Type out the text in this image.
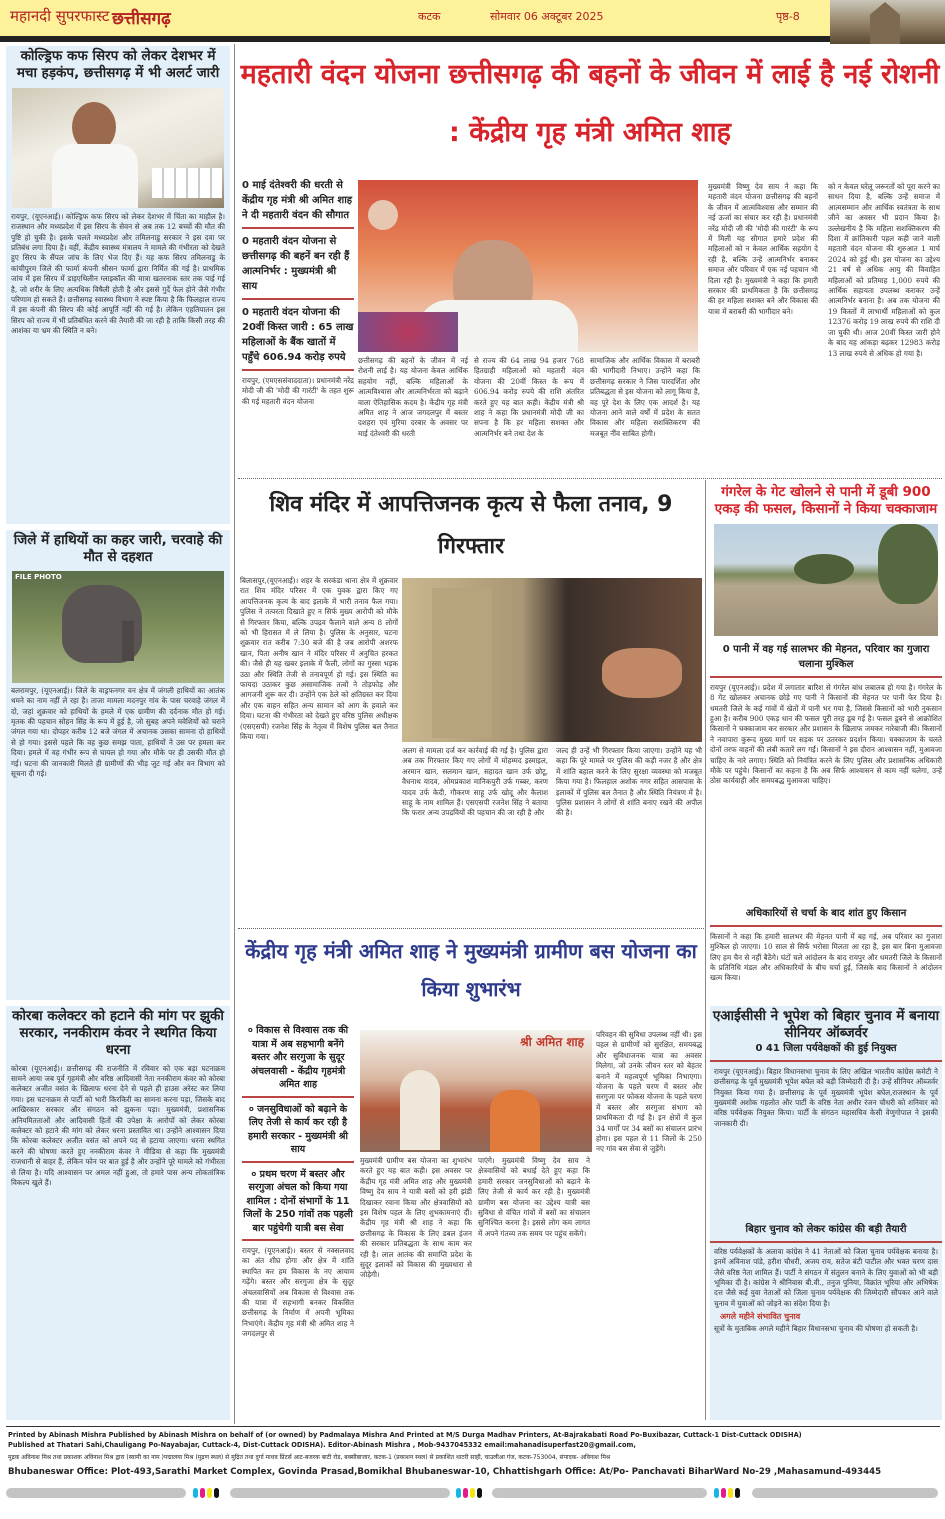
महानदी सुपरफास्ट छत्तीसगढ़	कटक	सोमवार 06 अक्टूबर 2025	पृष्ठ-8
कोल्ड्रिफ कफ सिरप को लेकर देशभर में मचा हड़कंप, छत्तीसगढ़ में भी अलर्ट जारी
रायपुर, (यूएनआई)। कोल्ड्रिफ कफ सिरप को लेकर देशभर में चिंता का माहौल है। राजस्थान और मध्यप्रदेश में इस सिरप के सेवन से अब तक 12 बच्चों की मौत की पुष्टि हो चुकी है। इसके चलते मध्यप्रदेश और तमिलनाडु सरकार ने इस दवा पर प्रतिबंध लगा दिया है। वहीं, केंद्रीय स्वास्थ्य मंत्रालय ने मामले की गंभीरता को देखते हुए सिरप के सैंपल जांच के लिए भेज दिए हैं। यह कफ सिरप तमिलनाडु के कांचीपुरम जिले की फार्मा कंपनी श्रीसन फार्मा द्वारा निर्मित की गई है। प्राथमिक जांच में इस सिरप में डाइएथिलीन ग्लाइकॉल की मात्रा खतरनाक स्तर तक पाई गई है, जो शरीर के लिए अत्यधिक विषैली होती है और इससे गुर्दे फेल होने जैसे गंभीर परिणाम हो सकते हैं। छत्तीसगढ़ स्वास्थ्य विभाग ने स्पष्ट किया है कि फिलहाल राज्य में इस कंपनी की सिरप की कोई आपूर्ति नहीं की गई है। लेकिन एहतियातन इस सिरप को राज्य में भी प्रतिबंधित करने की तैयारी की जा रही है ताकि किसी तरह की आशंका या भ्रम की स्थिति न बने।
जिले में हाथियों का कहर जारी, चरवाहे की मौत से दहशत
FILE PHOTO
बलरामपुर, (यूएनआई)। जिले के वाड्रफनगर वन क्षेत्र में जंगली हाथियों का आतंक थमने का नाम नहीं ले रहा है। ताजा मामला मदनपुर गांव के पास चरवाहे जंगल में दो, जहां शुक्रवार को हाथियों के हमले में एक ग्रामीण की दर्दनाक मौत हो गई। मृतक की पहचान सोहन सिंह के रूप में हुई है, जो सुबह अपने मवेशियों को चराने जंगल गया था। दोपहर करीब 12 बजे जंगल में अचानक उसका सामना दो हाथियों से हो गया। इससे पहले कि वह कुछ समझ पाता, हाथियों ने उस पर हमला कर दिया। हमले में वह गंभीर रूप से घायल हो गया और मौके पर ही उसकी मौत हो गई। घटना की जानकारी मिलते ही ग्रामीणों की भीड़ जुट गई और वन विभाग को सूचना दी गई।
कोरबा कलेक्टर को हटाने की मांग पर झुकी सरकार, ननकीराम कंवर ने स्थगित किया धरना
कोरबा (यूएनआई)। छत्तीसगढ़ की राजनीति में रविवार को एक बड़ा घटनाक्रम सामने आया जब पूर्व गृहमंत्री और वरिष्ठ आदिवासी नेता ननकीराम कंवर को कोरबा कलेक्टर अजीत वसंत के खिलाफ धरना देने से पहले ही हाउस अरेस्ट कर लिया गया। इस घटनाक्रम से पार्टी को भारी किरकिरी का सामना करना पड़ा, जिसके बाद आखिरकार सरकार और संगठन को झुकना पड़ा। मुख्यमंत्री, प्रशासनिक अनियमितताओं और आदिवासी हितों की उपेक्षा के आरोपों को लेकर कोरबा कलेक्टर को हटाने की मांग को लेकर धरना प्रस्तावित था। उन्होंने आश्वासन दिया कि कोरबा कलेक्टर अजीत वसंत को अपने पद से हटाया जाएगा। धरना स्थगित करने की घोषणा करते हुए ननकीराम कंवर ने मीडिया से कहा कि मुख्यमंत्री राजधानी से बाहर हैं, लेकिन फोन पर बात हुई है और उन्होंने पूरे मामले को गंभीरता से लिया है। यदि आश्वासन पर अमल नहीं हुआ, तो हमारे पास अन्य लोकतांत्रिक विकल्प खुले हैं।
महतारी वंदन योजना छत्तीसगढ़ की बहनों के जीवन में लाई है नई रोशनी : केंद्रीय गृह मंत्री अमित शाह
0 माई दंतेश्वरी की धरती से केंद्रीय गृह मंत्री श्री अमित शाह ने दी महतारी वंदन की सौगात
0 महतारी वंदन योजना से छत्तीसगढ़ की बहनें बन रही हैं आत्मनिर्भर : मुख्यमंत्री श्री साय
0 महतारी वंदन योजना की 20वीं किस्त जारी : 65 लाख महिलाओं के बैंक खातों में पहुँचे 606.94 करोड़ रुपये
रायपुर, (एमएससंवाददाता)। प्रधानमंत्री नरेंद्र मोदी जी की 'मोदी की गारंटी' के तहत शुरू की गई महतारी वंदन योजना
छत्तीसगढ़ की बहनों के जीवन में नई रोशनी लाई है। यह योजना केवल आर्थिक सहयोग नहीं, बल्कि महिलाओं के आत्मविश्वास और आत्मनिर्भरता को बढ़ाने वाला ऐतिहासिक कदम है। केंद्रीय गृह मंत्री अमित शाह ने आज जगदलपुर में बस्तर दशहरा एवं मुरिया दरबार के अवसर पर माई दंतेश्वरी की धरती
से राज्य की 64 लाख 94 हजार 768 हितग्राही महिलाओं को महतारी वंदन योजना की 20वीं किस्त के रूप में 606.94 करोड़ रुपये की राशि अंतरित करते हुए यह बात कही। केंद्रीय मंत्री श्री शाह ने कहा कि प्रधानमंत्री मोदी जी का सपना है कि हर महिला सशक्त और आत्मनिर्भर बने तथा देश के
सामाजिक और आर्थिक विकास में बराबरी की भागीदारी निभाए। उन्होंने कहा कि छत्तीसगढ़ सरकार ने जिस पारदर्शिता और प्रतिबद्धता से इस योजना को लागू किया है, वह पूरे देश के लिए एक आदर्श है। यह योजना आने वाले वर्षों में प्रदेश के सतत विकास और महिला सशक्तिकरण की मजबूत नींव साबित होगी।
मुख्यमंत्री विष्णु देव साय ने कहा कि महतारी वंदन योजना छत्तीसगढ़ की बहनों के जीवन में आत्मविश्वास और सम्मान की नई ऊर्जा का संचार कर रही है। प्रधानमंत्री नरेंद्र मोदी जी की 'मोदी की गारंटी' के रूप में मिली यह सौगात हमारे प्रदेश की महिलाओं को न केवल आर्थिक सहयोग दे रही है, बल्कि उन्हें आत्मनिर्भर बनाकर समाज और परिवार में एक नई पहचान भी दिला रही है। मुख्यमंत्री ने कहा कि हमारी सरकार की प्राथमिकता है कि छत्तीसगढ़ की हर महिला सशक्त बने और विकास की यात्रा में बराबरी की भागीदार बने।
को न केवल घरेलू जरूरतों को पूरा करने का साधन दिया है, बल्कि उन्हें समाज में आत्मसम्मान और आर्थिक स्वतंत्रता के साथ जीने का अवसर भी प्रदान किया है। उल्लेखनीय है कि महिला सशक्तिकरण की दिशा में क्रांतिकारी पहल कही जाने वाली महतारी वंदन योजना की शुरुआत 1 मार्च 2024 को हुई थी। इस योजना का उद्देश्य 21 वर्ष से अधिक आयु की विवाहित महिलाओं को प्रतिमाह 1,000 रुपये की आर्थिक सहायता उपलब्ध कराकर उन्हें आत्मनिर्भर बनाना है। अब तक योजना की 19 किस्तों में लाभार्थी महिलाओं को कुल 12376 करोड़ 19 लाख रुपये की राशि दी जा चुकी थी। आज 20वीं किस्त जारी होने के बाद यह आंकड़ा बढ़कर 12983 करोड़ 13 लाख रुपये से अधिक हो गया है।
शिव मंदिर में आपत्तिजनक कृत्य से फैला तनाव, 9 गिरफ्तार
बिलासपुर,(यूएनआई)। शहर के सरकंडा थाना क्षेत्र में शुक्रवार रात शिव मंदिर परिसर में एक युवक द्वारा किए गए आपत्तिजनक कृत्य के बाद इलाके में भारी तनाव फैल गया। पुलिस ने तत्परता दिखाते हुए न सिर्फ मुख्य आरोपी को मौके से गिरफ्तार किया, बल्कि उपद्रव फैलाने वाले अन्य 8 लोगों को भी हिरासत में ले लिया है। पुलिस के अनुसार, घटना शुक्रवार रात करीब 7:30 बजे की है जब आरोपी अशरफ खान, पिता अनीष खान ने मंदिर परिसर में अनुचित हरकत की। जैसे ही यह खबर इलाके में फैली, लोगों का गुस्सा भड़क उठा और स्थिति तेजी से तनावपूर्ण हो गई। इस स्थिति का फायदा उठाकर कुछ असामाजिक तत्वों ने तोड़फोड़ और आगजनी शुरू कर दी। उन्होंने एक ठेले को क्षतिग्रस्त कर दिया और एक वाहन सहित अन्य सामान को आग के हवाले कर दिया। घटना की गंभीरता को देखते हुए वरिष्ठ पुलिस अधीक्षक (एसएसपी) रजनेश सिंह के नेतृत्व में विशेष पुलिस बल तैनात किया गया।
अलग से मामला दर्ज कर कार्रवाई की गई है। पुलिस द्वारा अब तक गिरफ्तार किए गए लोगों में मोहम्मद इस्माइल, अरमान खान, सलमान खान, सहादत खान उर्फ छोटू, वैधनाथ यादव, ओमप्रकाश मानिकपुरी उर्फ गब्बर, करण यादव उर्फ केदी, गौकरण साहू उर्फ खोदू और कैलाश साहू के नाम शामिल हैं। एसएसपी रजनेश सिंह ने बताया कि फरार अन्य उपद्रवियों की पहचान की जा रही है और
जल्द ही उन्हें भी गिरफ्तार किया जाएगा। उन्होंने यह भी कहा कि पूरे मामले पर पुलिस की कड़ी नजर है और क्षेत्र में शांति बहाल करने के लिए सुरक्षा व्यवस्था को मजबूत किया गया है। फिलहाल अशोक नगर सहित आसपास के इलाकों में पुलिस बल तैनात है और स्थिति नियंत्रण में है। पुलिस प्रशासन ने लोगों से शांति बनाए रखने की अपील की है।
गंगरेल के गेट खोलने से पानी में डूबी 900 एकड़ की फसल, किसानों ने किया चक्काजाम
0 पानी में वह गई सालभर की मेहनत, परिवार का गुजारा चलाना मुश्किल
रायपुर (यूएनआई)। प्रदेश में लगातार बारिश से गंगरेल बांध लबालब हो गया है। गंगरेल के 8 गेट खोलकर अचानक छोड़े गए पानी ने किसानों की मेहनत पर पानी फेर दिया है। धमतरी जिले के कई गांवों में खेतों में पानी भर गया है, जिससे किसानों को भारी नुकसान हुआ है। करीब 900 एकड़ धान की फसल पूरी तरह डूब गई है। फसल डूबने से आक्रोशित किसानों ने चक्काजाम कर सरकार और प्रशासन के खिलाफ जमकर नारेबाजी की। किसानों ने नवापारा कुरूद मुख्य मार्ग पर सड़क पर उतरकर प्रदर्शन किया। चक्काजाम के चलते दोनों तरफ वाहनों की लंबी कतारें लग गईं। किसानों ने इस दौरान आश्वासन नहीं, मुआवजा चाहिए के नारे लगाए। स्थिति को नियंत्रित करने के लिए पुलिस और प्रशासनिक अधिकारी मौके पर पहुंचे। किसानों का कहना है कि अब सिर्फ आश्वासन से काम नहीं चलेगा, उन्हें ठोस कार्यवाही और समयबद्ध मुआवजा चाहिए।
अधिकारियों से चर्चा के बाद शांत हुए किसान
किसानों ने कहा कि हमारी सालभर की मेहनत पानी में बह गई, अब परिवार का गुजारा मुश्किल हो जाएगा। 10 साल से सिर्फ भरोसा मिलता आ रहा है, इस बार बिना मुआवजा लिए हम चैन से नहीं बैठेंगे। घंटों चले आंदोलन के बाद रायपुर और धमतरी जिले के किसानों के प्रतिनिधि मंडल और अधिकारियों के बीच चर्चा हुई, जिसके बाद किसानों ने आंदोलन खत्म किया।
केंद्रीय गृह मंत्री अमित शाह ने मुख्यमंत्री ग्रामीण बस योजना का किया शुभारंभ
० विकास से विश्वास तक की यात्रा में अब सहभागी बनेंगे बस्तर और सरगुजा के सुदूर अंचलवासी - केंद्रीय गृहमंत्री अमित शाह
० जनसुविधाओं को बढ़ाने के लिए तेजी से कार्य कर रही है हमारी सरकार - मुख्यमंत्री श्री साय
० प्रथम चरण में बस्तर और सरगुजा अंचल को किया गया शामिल : दोनों संभागों के 11 जिलों के 250 गांवों तक पहली बार पहुंचेगी यात्री बस सेवा
रायपुर, (यूएनआई)। बस्तर से नक्सलवाद का अंत शीघ्र होगा और क्षेत्र में शांति स्थापित कर हम विकास के नए आयाम गढ़ेंगे। बस्तर और सरगुजा क्षेत्र के सुदूर अंचलवासियों अब विकास से विश्वास तक की यात्रा में सहभागी बनकर विकसित छत्तीसगढ़ के निर्माण में अपनी भूमिका निभाएंगे। केंद्रीय गृह मंत्री श्री अमित शाह ने जगदलपुर से
श्री अमित शाह
मुख्यमंत्री ग्रामीण बस योजना का शुभारंभ करते हुए यह बात कही। इस अवसर पर केंद्रीय गृह मंत्री अमित शाह और मुख्यमंत्री विष्णु देव साय ने यात्री बसों को हरी झंडी दिखाकर रवाना किया और क्षेत्रवासियों को इस विशेष पहल के लिए शुभकामनाएं दीं। केंद्रीय गृह मंत्री श्री शाह ने कहा कि छत्तीसगढ़ के विकास के लिए डबल इंजन की सरकार प्रतिबद्धता के साथ काम कर रही है। लाल आतंक की समाप्ति प्रदेश के सुदूर इलाकों को विकास की मुख्यधारा से जोड़ेगी।
पाएंगे। मुख्यमंत्री विष्णु देव साय ने क्षेत्रवासियों को बधाई देते हुए कहा कि हमारी सरकार जनसुविधाओं को बढ़ाने के लिए तेजी से कार्य कर रही है। मुख्यमंत्री ग्रामीण बस योजना का उद्देश्य यात्री बस सुविधा से वंचित गांवों में बसों का संचालन सुनिश्चित करना है। इससे लोग कम लागत में अपने गंतव्य तक समय पर पहुंच सकेंगे।
परिवहन की सुविधा उपलब्ध नहीं थी। इस पहल से ग्रामीणों को सुरक्षित, समयबद्ध और सुविधाजनक यात्रा का अवसर मिलेगा, जो उनके जीवन स्तर को बेहतर बनाने में महत्वपूर्ण भूमिका निभाएगा। योजना के पहले चरण में बस्तर और सरगुजा पर फोकस योजना के पहले चरण में बस्तर और सरगुजा संभाग को प्राथमिकता दी गई है। इन क्षेत्रों में कुल 34 मार्गों पर 34 बसों का संचालन प्रारंभ होगा। इस पहल से 11 जिलों के 250 नए गांव बस सेवा से जुड़ेंगे।
एआईसीसी ने भूपेश को बिहार चुनाव में बनाया सीनियर ऑब्जर्वर
0 41 जिला पर्यवेक्षकों की हुई नियुक्त
रायपुर (यूएनआई)। बिहार विधानसभा चुनाव के लिए अखिल भारतीय कांग्रेस कमेटी ने छत्तीसगढ़ के पूर्व मुख्यमंत्री भूपेश बघेल को बड़ी जिम्मेदारी दी है। उन्हें सीनियर ऑब्जर्वर नियुक्त किया गया है। छत्तीसगढ़ के पूर्व मुख्यमंत्री भूपेश बघेल,राजस्थान के पूर्व मुख्यमंत्री अशोक गहलोत और पार्टी के वरिष्ठ नेता अधीर रंजन चौधरी को शनिवार को वरिष्ठ पर्यवेक्षक नियुक्त किया। पार्टी के संगठन महासचिव केसी वेणुगोपाल ने इसकी जानकारी दी।
बिहार चुनाव को लेकर कांग्रेस की बड़ी तैयारी
वरिष्ठ पर्यवेक्षकों के अलावा कांग्रेस ने 41 नेताओं को जिला चुनाव पर्यवेक्षक बनाया है। इनमें अविनाश पांडे, हरीश चौधरी, अजय राय, सतेज बंटी पाटील और भक्त चरण दास जैसे वरिष्ठ नेता शामिल हैं। पार्टी ने संगठन में संतुलन बनाने के लिए युवाओं को भी बड़ी भूमिका दी है। कांग्रेस ने श्रीनिवास बी.वी., तनुज पुनिया, विक्रांत भूरिया और अभिषेक दत्त जैसे कई युवा नेताओं को जिला चुनाव पर्यवेक्षक की जिम्मेदारी सौंपकर आने वाले चुनाव में युवाओं को जोड़ने का संदेश दिया है।
अगले महीने संभावित चुनाव
सूत्रों के मुताबिक अगले महीने बिहार विधानसभा चुनाव की घोषणा हो सकती है।
Printed by Abinash Mishra Published by Abinash Mishra on behalf of (or owned) by Padmalaya Mishra And Printed at M/S Durga Madhav Printers, At-Bajrakabati Road Po-Buxibazar, Cuttack-1 Dist-Cuttack ODISHA)
Published at Thatari Sahi,Chauligang Po-Nayabajar, Cuttack-4, Dist-Cuttack ODISHA). Editor-Abinash Mishra , Mob-9437045332 email:mahanadisuperfast20@gmail.com,
मुद्रक अविनाश मिश्र तथा प्रकाशक अविनाश मिश्र द्वारा (स्वामी का नाम )पद्मालया मिश्र (मुद्रण स्थल) से मुद्रित तथा दुर्गा माधव प्रिंटर्स आट-बजरक बाटी रोड, बक्सीबाजार, कटक-1 (प्रकाशन स्थल) से प्रकाशित थाटरी साही, चाउलीआ गंज, कटक-753004, संपादक- अविनाश मिश्र
Bhubaneswar Office: Plot-493,Sarathi Market Complex, Govinda Prasad,Bomikhal Bhubaneswar-10, Chhattishgarh Office: At/Po- Panchavati BiharWard No-29 ,Mahasamund-493445
